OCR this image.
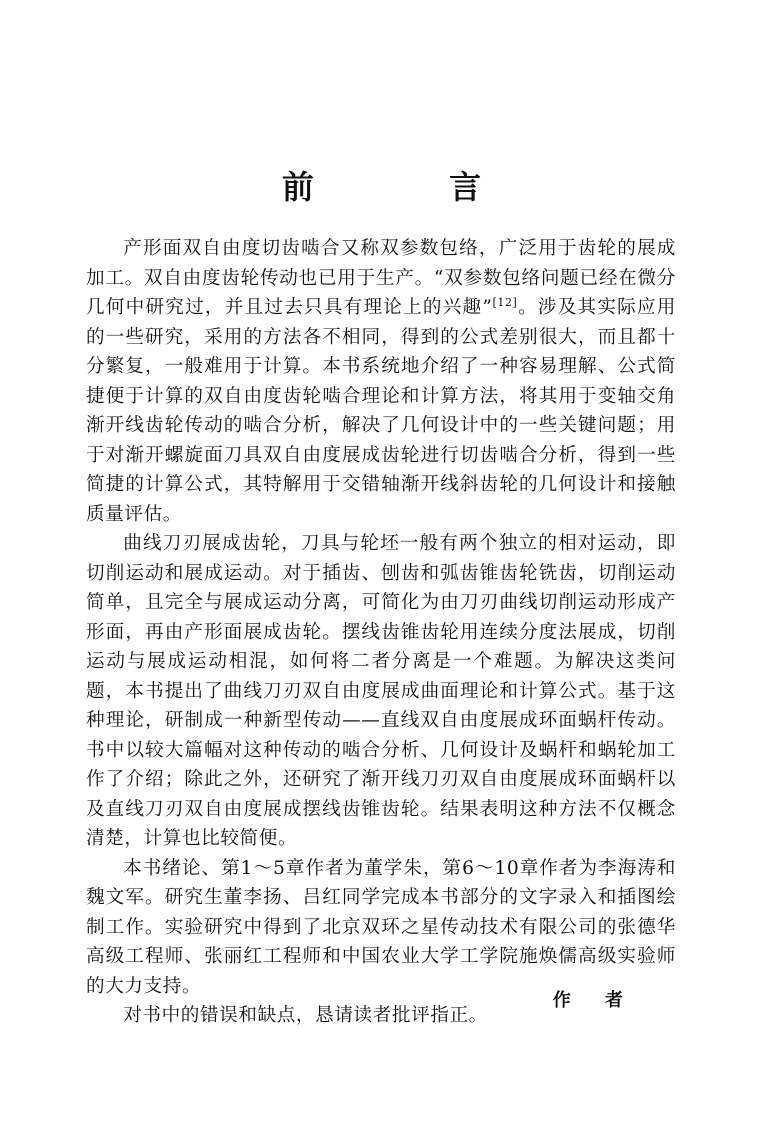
前 言

产形面双自由度切齿啮合又称双参数包络，广泛用于齿轮的展成加工。双自由度齿轮传动也已用于生产。“双参数包络问题已经在微分几何中研究过，并且过去只具有理论上的兴趣”[12]。涉及其实际应用的一些研究，采用的方法各不相同，得到的公式差别很大，而且都十分繁复，一般难用于计算。本书系统地介绍了一种容易理解、公式简捷便于计算的双自由度齿轮啮合理论和计算方法，将其用于变轴交角渐开线齿轮传动的啮合分析，解决了几何设计中的一些关键问题；用于对渐开螺旋面刀具双自由度展成齿轮进行切齿啮合分析，得到一些简捷的计算公式，其特解用于交错轴渐开线斜齿轮的几何设计和接触质量评估。

曲线刀刃展成齿轮，刀具与轮坯一般有两个独立的相对运动，即切削运动和展成运动。对于插齿、刨齿和弧齿锥齿轮铣齿，切削运动简单，且完全与展成运动分离，可简化为由刀刃曲线切削运动形成产形面，再由产形面展成齿轮。摆线齿锥齿轮用连续分度法展成，切削运动与展成运动相混，如何将二者分离是一个难题。为解决这类问题，本书提出了曲线刀刃双自由度展成曲面理论和计算公式。基于这种理论，研制成一种新型传动——直线双自由度展成环面蜗杆传动。书中以较大篇幅对这种传动的啮合分析、几何设计及蜗杆和蜗轮加工作了介绍；除此之外，还研究了渐开线刀刃双自由度展成环面蜗杆以及直线刀刃双自由度展成摆线齿锥齿轮。结果表明这种方法不仅概念清楚，计算也比较简便。

本书绪论、第1～5章作者为董学朱，第6～10章作者为李海涛和魏文军。研究生董李扬、吕红同学完成本书部分的文字录入和插图绘制工作。实验研究中得到了北京双环之星传动技术有限公司的张德华高级工程师、张丽红工程师和中国农业大学工学院施焕儒高级实验师的大力支持。

对书中的错误和缺点，恳请读者批评指正。

作 者
